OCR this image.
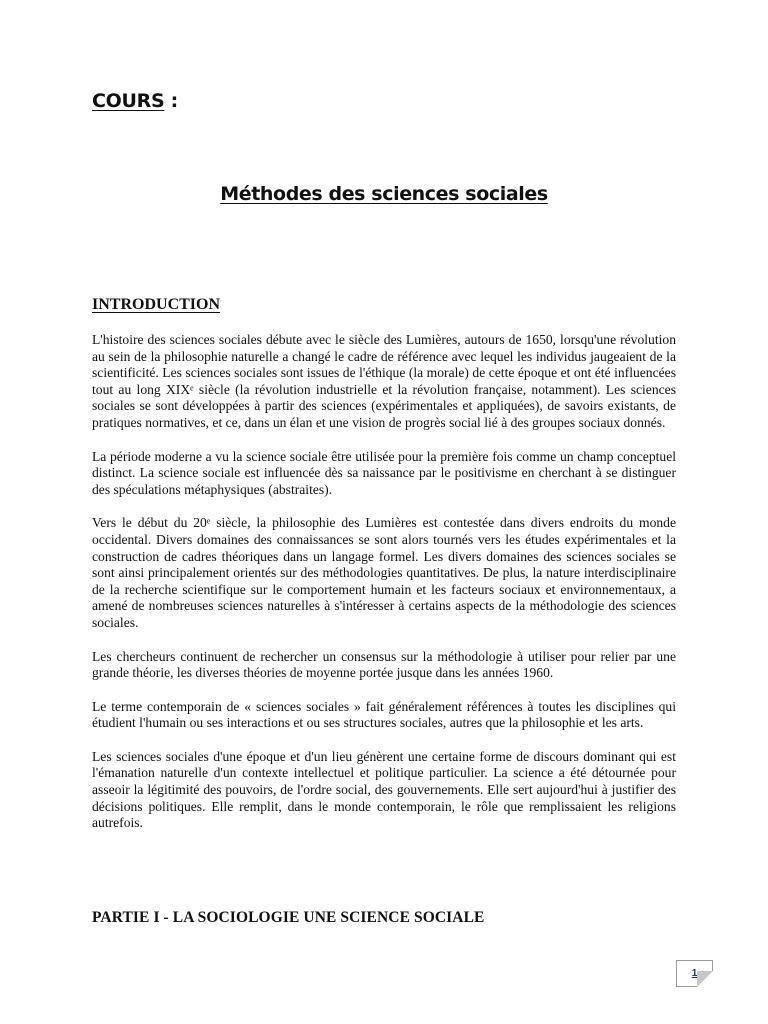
COURS :
Méthodes des sciences sociales
INTRODUCTION

L'histoire des sciences sociales débute avec le siècle des Lumières, autours de 1650, lorsqu'une révolution au sein de la philosophie naturelle a changé le cadre de référence avec lequel les individus jaugeaient de la scientificité. Les sciences sociales sont issues de l'éthique (la morale) de cette époque et ont été influencées tout au long XIXᵉ siècle (la révolution industrielle et la révolution française, notamment). Les sciences sociales se sont développées à partir des sciences (expérimentales et appliquées), de savoirs existants, de pratiques normatives, et ce, dans un élan et une vision de progrès social lié à des groupes sociaux donnés.

La période moderne a vu la science sociale être utilisée pour la première fois comme un champ conceptuel distinct. La science sociale est influencée dès sa naissance par le positivisme en cherchant à se distinguer des spéculations métaphysiques (abstraites).

Vers le début du 20ᵉ siècle, la philosophie des Lumières est contestée dans divers endroits du monde occidental. Divers domaines des connaissances se sont alors tournés vers les études expérimentales et la construction de cadres théoriques dans un langage formel. Les divers domaines des sciences sociales se sont ainsi principalement orientés sur des méthodologies quantitatives. De plus, la nature interdisciplinaire de la recherche scientifique sur le comportement humain et les facteurs sociaux et environnementaux, a amené de nombreuses sciences naturelles à s'intéresser à certains aspects de la méthodologie des sciences sociales.

Les chercheurs continuent de rechercher un consensus sur la méthodologie à utiliser pour relier par une grande théorie, les diverses théories de moyenne portée jusque dans les années 1960.

Le terme contemporain de « sciences sociales » fait généralement références à toutes les disciplines qui étudient l'humain ou ses interactions et ou ses structures sociales, autres que la philosophie et les arts.

Les sciences sociales d'une époque et d'un lieu génèrent une certaine forme de discours dominant qui est l'émanation naturelle d'un contexte intellectuel et politique particulier. La science a été détournée pour asseoir la légitimité des pouvoirs, de l'ordre social, des gouvernements. Elle sert aujourd'hui à justifier des décisions politiques. Elle remplit, dans le monde contemporain, le rôle que remplissaient les religions autrefois.

PARTIE I - LA SOCIOLOGIE UNE SCIENCE SOCIALE
1
